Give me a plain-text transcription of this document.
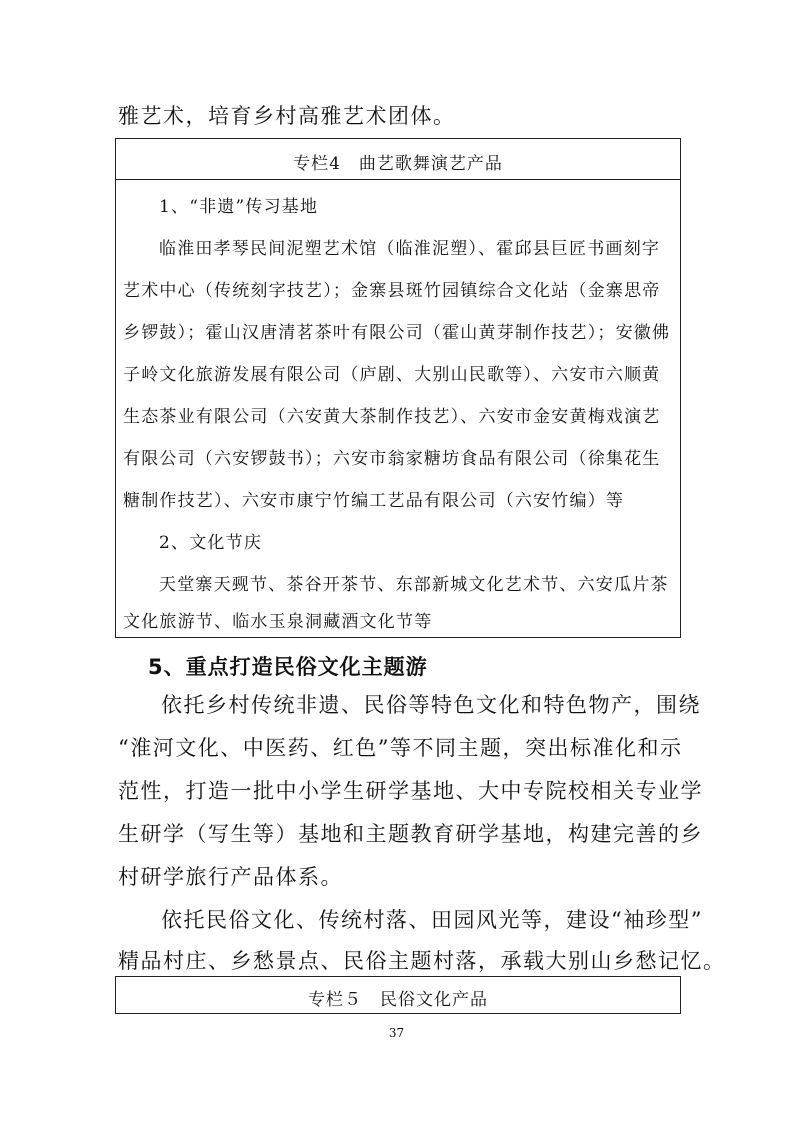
雅艺术，培育乡村高雅艺术团体。
专栏4　曲艺歌舞演艺产品
1、“非遗”传习基地
临淮田孝琴民间泥塑艺术馆（临淮泥塑）、霍邱县巨匠书画刻字
艺术中心（传统刻字技艺）；金寨县斑竹园镇综合文化站（金寨思帝
乡锣鼓）；霍山汉唐清茗茶叶有限公司（霍山黄芽制作技艺）；安徽佛
子岭文化旅游发展有限公司（庐剧、大别山民歌等）、六安市六顺黄
生态茶业有限公司（六安黄大茶制作技艺）、六安市金安黄梅戏演艺
有限公司（六安锣鼓书）；六安市翁家糖坊食品有限公司（徐集花生
糖制作技艺）、六安市康宁竹编工艺品有限公司（六安竹编）等
2、文化节庆
天堂寨天觋节、茶谷开茶节、东部新城文化艺术节、六安瓜片茶
文化旅游节、临水玉泉洞藏酒文化节等
5、重点打造民俗文化主题游
依托乡村传统非遗、民俗等特色文化和特色物产，围绕
“淮河文化、中医药、红色”等不同主题，突出标准化和示
范性，打造一批中小学生研学基地、大中专院校相关专业学
生研学（写生等）基地和主题教育研学基地，构建完善的乡
村研学旅行产品体系。
依托民俗文化、传统村落、田园风光等，建设“袖珍型”
精品村庄、乡愁景点、民俗主题村落，承载大别山乡愁记忆。
专栏５　民俗文化产品
37
